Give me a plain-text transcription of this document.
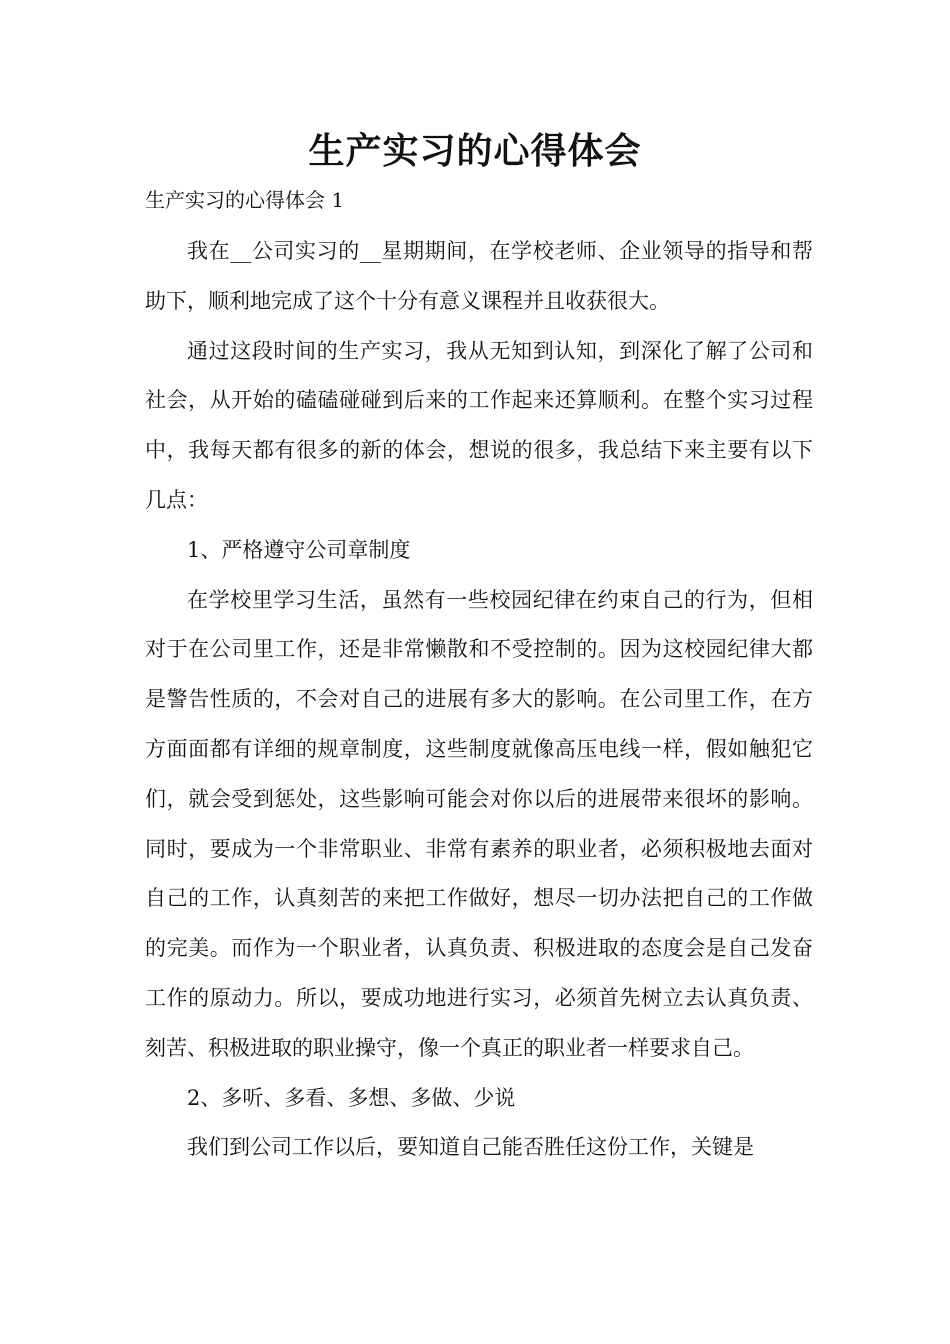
生产实习的心得体会
生产实习的心得体会 1

我在__公司实习的__星期期间，在学校老师、企业领导的指导和帮助下，顺利地完成了这个十分有意义课程并且收获很大。

通过这段时间的生产实习，我从无知到认知，到深化了解了公司和社会，从开始的磕磕碰碰到后来的工作起来还算顺利。在整个实习过程中，我每天都有很多的新的体会，想说的很多，我总结下来主要有以下几点：

1、严格遵守公司章制度

在学校里学习生活，虽然有一些校园纪律在约束自己的行为，但相对于在公司里工作，还是非常懒散和不受控制的。因为这校园纪律大都是警告性质的，不会对自己的进展有多大的影响。在公司里工作，在方方面面都有详细的规章制度，这些制度就像高压电线一样，假如触犯它们，就会受到惩处，这些影响可能会对你以后的进展带来很坏的影响。同时，要成为一个非常职业、非常有素养的职业者，必须积极地去面对自己的工作，认真刻苦的来把工作做好，想尽一切办法把自己的工作做的完美。而作为一个职业者，认真负责、积极进取的态度会是自己发奋工作的原动力。所以，要成功地进行实习，必须首先树立去认真负责、刻苦、积极进取的职业操守，像一个真正的职业者一样要求自己。

2、多听、多看、多想、多做、少说

我们到公司工作以后，要知道自己能否胜任这份工作，关键是
